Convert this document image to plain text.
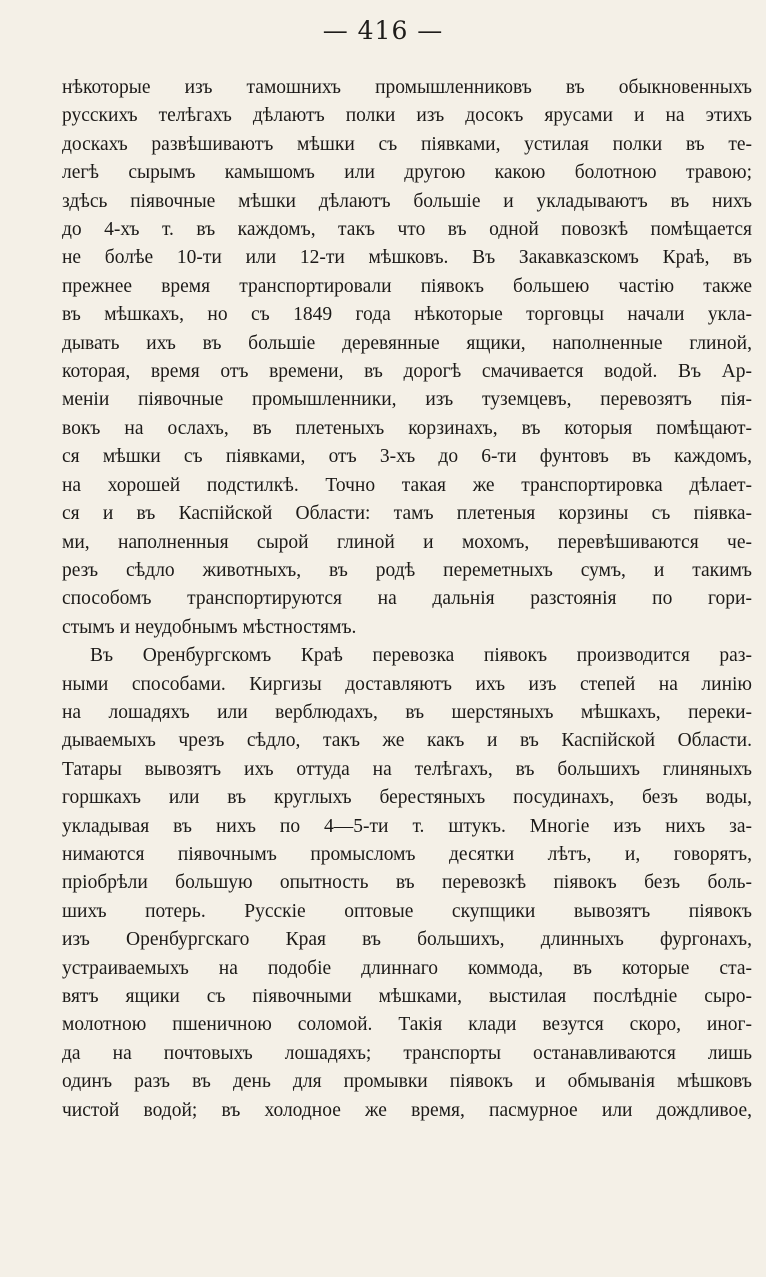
— 416 —
нѣкоторые изъ тамошнихъ промышленниковъ въ обыкновенныхъ
русскихъ телѣгахъ дѣлаютъ полки изъ досокъ ярусами и на этихъ
доскахъ развѣшиваютъ мѣшки съ піявками, устилая полки въ те-
легѣ сырымъ камышомъ или другою какою болотною травою;
здѣсь піявочные мѣшки дѣлаютъ большіе и укладываютъ въ нихъ
до 4-хъ т. въ каждомъ, такъ что въ одной повозкѣ помѣщается
не болѣе 10-ти или 12-ти мѣшковъ. Въ Закавказскомъ Краѣ, въ
прежнее время транспортировали піявокъ большею частію также
въ мѣшкахъ, но съ 1849 года нѣкоторые торговцы начали укла-
дывать ихъ въ большіе деревянные ящики, наполненные глиной,
которая, время отъ времени, въ дорогѣ смачивается водой. Въ Ар-
меніи піявочные промышленники, изъ туземцевъ, перевозятъ пія-
вокъ на ослахъ, въ плетеныхъ корзинахъ, въ которыя помѣщают-
ся мѣшки съ піявками, отъ 3-хъ до 6-ти фунтовъ въ каждомъ,
на хорошей подстилкѣ. Точно такая же транспортировка дѣлает-
ся и въ Каспійской Области: тамъ плетеныя корзины съ піявка-
ми, наполненныя сырой глиной и мохомъ, перевѣшиваются че-
резъ сѣдло животныхъ, въ родѣ переметныхъ сумъ, и такимъ
способомъ транспортируются на дальнія разстоянія по гори-
стымъ и неудобнымъ мѣстностямъ.
Въ Оренбургскомъ Краѣ перевозка піявокъ производится раз-
ными способами. Киргизы доставляютъ ихъ изъ степей на линію
на лошадяхъ или верблюдахъ, въ шерстяныхъ мѣшкахъ, переки-
дываемыхъ чрезъ сѣдло, такъ же какъ и въ Каспійской Области.
Татары вывозятъ ихъ оттуда на телѣгахъ, въ большихъ глиняныхъ
горшкахъ или въ круглыхъ берестяныхъ посудинахъ, безъ воды,
укладывая въ нихъ по 4—5-ти т. штукъ. Многіе изъ нихъ за-
нимаются піявочнымъ промысломъ десятки лѣтъ, и, говорятъ,
пріобрѣли большую опытность въ перевозкѣ піявокъ безъ боль-
шихъ потерь. Русскіе оптовые скупщики вывозятъ піявокъ
изъ Оренбургскаго Края въ большихъ, длинныхъ фургонахъ,
устраиваемыхъ на подобіе длиннаго коммода, въ которые ста-
вятъ ящики съ піявочными мѣшками, выстилая послѣдніе сыро-
молотною пшеничною соломой. Такія клади везутся скоро, иног-
да на почтовыхъ лошадяхъ; транспорты останавливаются лишь
одинъ разъ въ день для промывки піявокъ и обмыванія мѣшковъ
чистой водой; въ холодное же время, пасмурное или дождливое,
